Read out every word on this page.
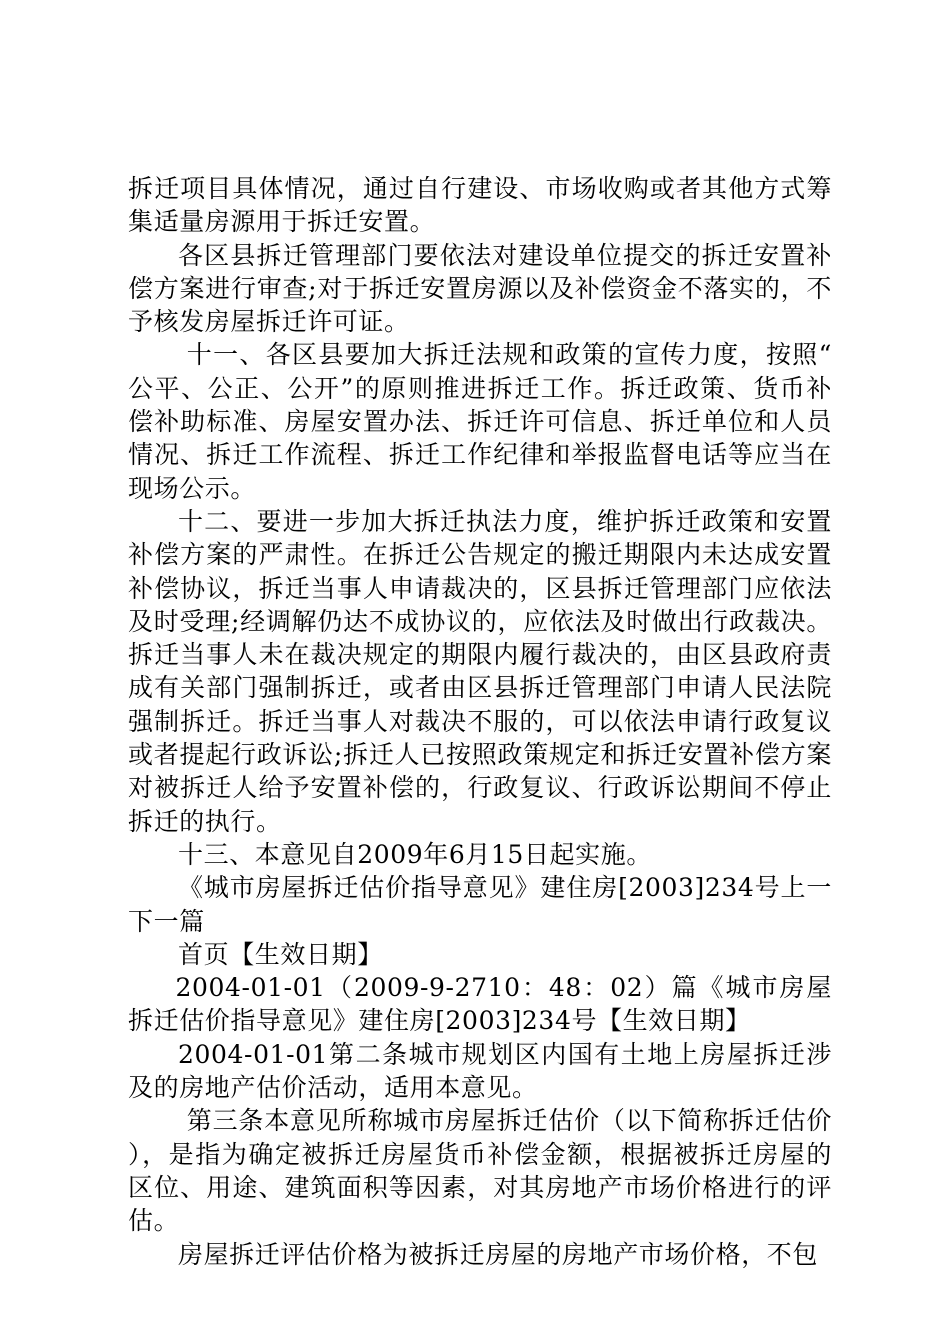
拆迁项目具体情况，通过自行建设、市场收购或者其他方式筹集适量房源用于拆迁安置。

各区县拆迁管理部门要依法对建设单位提交的拆迁安置补偿方案进行审查;对于拆迁安置房源以及补偿资金不落实的，不予核发房屋拆迁许可证。

十一、各区县要加大拆迁法规和政策的宣传力度，按照“公平、公正、公开”的原则推进拆迁工作。拆迁政策、货币补偿补助标准、房屋安置办法、拆迁许可信息、拆迁单位和人员情况、拆迁工作流程、拆迁工作纪律和举报监督电话等应当在现场公示。

十二、要进一步加大拆迁执法力度，维护拆迁政策和安置补偿方案的严肃性。在拆迁公告规定的搬迁期限内未达成安置补偿协议，拆迁当事人申请裁决的，区县拆迁管理部门应依法及时受理;经调解仍达不成协议的，应依法及时做出行政裁决。拆迁当事人未在裁决规定的期限内履行裁决的，由区县政府责成有关部门强制拆迁，或者由区县拆迁管理部门申请人民法院强制拆迁。拆迁当事人对裁决不服的，可以依法申请行政复议或者提起行政诉讼;拆迁人已按照政策规定和拆迁安置补偿方案对被拆迁人给予安置补偿的，行政复议、行政诉讼期间不停止拆迁的执行。

十三、本意见自2009年6月15日起实施。

《城市房屋拆迁估价指导意见》建住房[2003]234号上一下一篇

首页【生效日期】

2004-01-01（2009-9-2710：48：02）篇《城市房屋拆迁估价指导意见》建住房[2003]234号【生效日期】

2004-01-01第二条城市规划区内国有土地上房屋拆迁涉及的房地产估价活动，适用本意见。

第三条本意见所称城市房屋拆迁估价（以下简称拆迁估价），是指为确定被拆迁房屋货币补偿金额，根据被拆迁房屋的区位、用途、建筑面积等因素，对其房地产市场价格进行的评估。

房屋拆迁评估价格为被拆迁房屋的房地产市场价格，不包
